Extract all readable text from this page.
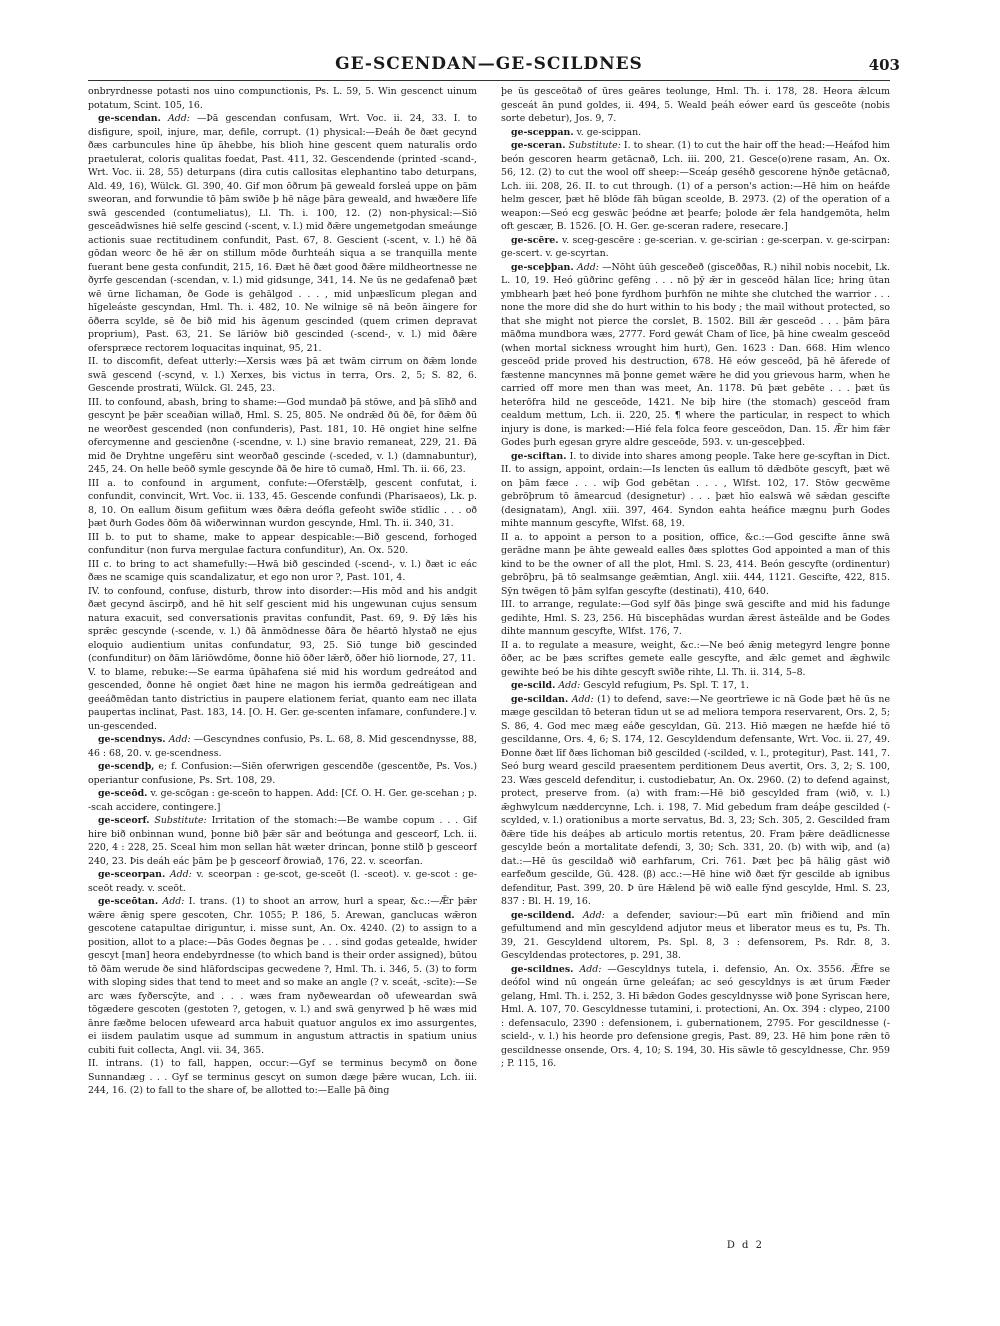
GE-SCENDAN—GE-SCILDNES	403

onbryrdnesse potasti nos uino compunctionis, Ps. L. 59, 5. Win gescenct uinum potatum, Scint. 105, 16.

ge-scendan. Add: —Þā gescendan confusam, Wrt. Voc. ii. 24, 33. I. to disfigure, spoil, injure, mar, defile, corrupt. (1) physical:—Ðeáh ðe ðæt gecynd ðæs carbuncules hine ūp āhebbe, his blioh hine gescent quem naturalis ordo praetulerat, coloris qualitas foedat, Past. 411, 32. Gescendende (printed -scand-, Wrt. Voc. ii. 28, 55) deturpans (dira cutis callositas elephantino tabo deturpans, Ald. 49, 16), Wülck. Gl. 390, 40. Gif mon ōðrum þā geweald forsleá uppe on þām sweoran, and forwundie tō þām swīðe þ hē nāge þāra geweald, and hwæðere līfe swā gescended (contumeliatus), Ll. Th. i. 100, 12. (2) non-physical:—Siō gesceādwīsnes hiē selfe gescind (-scent, v. l.) mid ðǣre ungemetgodan smeáunge actionis suae rectitudinem confundit, Past. 67, 8. Gescient (-scent, v. l.) hē ðā gōdan weorc ðe hē ǣr on stillum mōde ðurhteáh siqua a se tranquilla mente fuerant bene gesta confundit, 215, 16. Ðæt hē ðæt good ðǣre mildheortnesse ne ðyrfe gescendan (-scendan, v. l.) mid gidsunge, 341, 14. Ne ūs ne gedafenað þæt wē ūrne līchaman, ðe Gode is gehālgod . . . , mid unþæslīcum plegan and hīgeleáste gescyndan, Hml. Th. i. 482, 10. Ne wilnige sē nā beōn āingere for ōðerra scylde, sē ðe bið mid his āgenum gescinded (quem crimen depravat proprium), Past. 63, 21. Se lāriōw bið gescinded (-scend-, v. l.) mid ðǣre oferspræce rectorem loquacitas inquinat, 95, 21.

II. to discomfit, defeat utterly:—Xersis wæs þā æt twām cirrum on ðǣm londe swā gescend (-scynd, v. l.) Xerxes, bis victus in terra, Ors. 2, 5; S. 82, 6. Gescende prostrati, Wülck. Gl. 245, 23.

III. to confound, abash, bring to shame:—God mundað þā stōwe, and þā slīhð and gescynt þe þǣr sceaðian willað, Hml. S. 25, 805. Ne ondrǣd ðū ðē, for ðǣm ðū ne weorðest gescended (non confunderis), Past. 181, 10. Hē ongiet hine selfne ofercymenne and gescienðne (-scendne, v. l.) sine bravio remaneat, 229, 21. Ðā mid ðe Dryhtne ungefēru sint weorðað gescinde (-sceded, v. l.) (damnabuntur), 245, 24. On helle beōð symle gescynde ðā ðe hire tō cumað, Hml. Th. ii. 66, 23.

III a. to confound in argument, confute:—Oferstǣlþ, gescent confutat, i. confundit, convincit, Wrt. Voc. ii. 133, 45. Gescende confundi (Pharisaeos), Lk. p. 8, 10. On eallum ðisum gefiitum wæs ðǣra deófla gefeoht swīðe stīdlic . . . oð þæt ðurh Godes ðōm ðā wiðerwinnan wurdon gescynde, Hml. Th. ii. 340, 31.

III b. to put to shame, make to appear despicable:—Bið gescend, forhoged confunditur (non furva mergulae factura confunditur), An. Ox. 520.

III c. to bring to act shamefully:—Hwā bið gescinded (-scend-, v. l.) ðæt ic eác ðæs ne scamige quis scandalizatur, et ego non uror ?, Past. 101, 4.

IV. to confound, confuse, disturb, throw into disorder:—His mōd and his andgit ðæt gecynd āscirpð, and hē hit self gescient mid his ungewunan cujus sensum natura exacuit, sed conversationis pravitas confundit, Past. 69, 9. Ðȳ lǣs his sprǣc gescynde (-scende, v. l.) ðā ānmōdnesse ðāra ðe hēartō hlystað ne ejus eloquio audientium unitas confundatur, 93, 25. Siō tunge bið gescinded (confunditur) on ðām lāriōwdōme, ðonne hiō ōðer lǣrð, ōðer hiō liornode, 27, 11.

V. to blame, rebuke:—Se earma ūpāhafena sié mid his wordum gedreátod and gescended, ðonne hē ongiet ðæt hine ne magon his iermða gedreátigean and geeáðmēdan tanto districtius in paupere elationem feriat, quanto eam nec illata paupertas inclinat, Past. 183, 14. [O. H. Ger. ge-scenten infamare, confundere.] v. un-gescended.

ge-scendnys. Add: —Gescyndnes confusio, Ps. L. 68, 8. Mid gescendnysse, 88, 46 : 68, 20. v. ge-scendness.

ge-scendþ, e; f. Confusion:—Siēn oferwrigen gescendðe (gescentðe, Ps. Vos.) operiantur confusione, Ps. Srt. 108, 29.

ge-sceōd. v. ge-scōgan : ge-sceōn to happen. Add: [Cf. O. H. Ger. ge-scehan ; p. -scah accidere, contingere.]

ge-sceorf. Substitute: Irritation of the stomach:—Be wambe copum . . . Gif hire bið onbinnan wund, þonne bið þǣr sār and beótunga and gesceorf, Lch. ii. 220, 4 : 228, 25. Sceal him mon sellan hāt wæter drincan, þonne stilð þ gesceorf 240, 23. Þis deáh eác þām þe þ gesceorf ðrowiað, 176, 22. v. sceorfan.

ge-sceorpan. Add: v. sceorpan : ge-scot, ge-sceōt (l. -sceot). v. ge-scot : ge-sceōt ready. v. sceōt.

ge-sceōtan. Add: I. trans. (1) to shoot an arrow, hurl a spear, &c.:—Ǣr þǣr wǣre ǣnig spere gescoten, Chr. 1055; P. 186, 5. Arewan, ganclucas wǣron gescotene catapultae diriguntur, i. misse sunt, An. Ox. 4240. (2) to assign to a position, allot to a place:—Þās Godes ðegnas þe . . . sind godas getealde, hwider gescyt [man] heora endebyrdnesse (to which band is their order assigned), būtou tō ðām werude ðe sind hlāfordscipas gecwedene ?, Hml. Th. i. 346, 5. (3) to form with sloping sides that tend to meet and so make an angle (? v. sceát, -scīte):—Se arc wæs fyðerscȳte, and . . . wæs fram nyðeweardan oð ufeweardan swā tōgædere gescoten (gestoten ?, getogen, v. l.) and swā genyrwed þ hē wæs mid ānre fæðme belocen ufeweard arca habuit quatuor angulos ex imo assurgentes, ei iisdem paulatim usque ad summum in angustum attractis in spatium unius cubiti fuit collecta, Angl. vii. 34, 365.

II. intrans. (1) to fall, happen, occur:—Gyf se terminus becymð on ðone Sunnandæg . . . Gyf se terminus gescyt on sumon dæge þǣre wucan, Lch. iii. 244, 16. (2) to fall to the share of, be allotted to:—Ealle þā ðing

þe ūs gesceōtað of ūres geāres teolunge, Hml. Th. i. 178, 28. Heora ǣlcum gesceát ān pund goldes, ii. 494, 5. Weald þeáh eówer eard ūs gesceōte (nobis sorte debetur), Jos. 9, 7.

ge-sceppan. v. ge-scippan.

ge-sceran. Substitute: I. to shear. (1) to cut the hair off the head:—Heáfod him beón gescoren hearm getācnað, Lch. iii. 200, 21. Gesce(o)rene rasam, An. Ox. 56, 12. (2) to cut the wool off sheep:—Sceáp geséhð gescorene hȳnðe getācnað, Lch. iii. 208, 26. II. to cut through. (1) of a person's action:—Hē him on heáfde helm gescer, þæt hē blōde fāh būgan sceolde, B. 2973. (2) of the operation of a weapon:—Seó ecg geswāc þeódne æt þearfe; þolode ǣr fela handgemōta, helm oft gescær, B. 1526. [O. H. Ger. ge-sceran radere, resecare.]

ge-scēre. v. sceg-gescēre : ge-scerian. v. ge-scirian : ge-scerpan. v. ge-scirpan: ge-scert. v. ge-scyrtan.

ge-sceþþan. Add: —Nōht ūūh gesceðeð (gisceððas, R.) nihil nobis nocebit, Lk. L. 10, 19. Heó gūðrinc gefēng . . . nō þȳ ǣr in gesceōd hālan līce; hring ūtan ymbhearh þæt heó þone fyrdhom þurhfōn ne mihte she clutched the warrior . . . none the more did she do hurt within to his body ; the mail without protected, so that she might not pierce the corslet, B. 1502. Bill ǣr gesceōd . . . þām þāra māðma mundbora wæs, 2777. Ford gewát Cham of līce, þā hine cwealm gesceōd (when mortal sickness wrought him hurt), Gen. 1623 : Dan. 668. Him wlenco gesceōd pride proved his destruction, 678. Hē eów gesceōd, þā hē āferede of fæstenne mancynnes mā þonne gemet wǣre he did you grievous harm, when he carried off more men than was meet, An. 1178. Þū þæt gebēte . . . þæt ūs heterōfra hild ne gesceōde, 1421. Ne biþ hire (the stomach) gesceōd fram cealdum mettum, Lch. ii. 220, 25. ¶ where the particular, in respect to which injury is done, is marked:—Hié fela folca feore gesceōdon, Dan. 15. Ǣr him fǣr Godes þurh egesan gryre aldre gesceōde, 593. v. un-gesceþþed.

ge-sciftan. I. to divide into shares among people. Take here ge-scyftan in Dict. II. to assign, appoint, ordain:—Is lencten ūs eallum tō dǣdbōte gescyft, þæt wē on þām fæce . . . wiþ God gebētan . . . , Wlfst. 102, 17. Stōw gecwēme gebrōþrum tō āmearcud (designetur) . . . þæt hīo ealswā wē sǣdan gescifte (designatam), Angl. xiii. 397, 464. Syndon eahta heáfice mægnu þurh Godes mihte mannum gescyfte, Wlfst. 68, 19.

II a. to appoint a person to a position, office, &c.:—God gescifte ānne swā gerādne mann þe āhte geweald ealles ðæs splottes God appointed a man of this kind to be the owner of all the plot, Hml. S. 23, 414. Beón gescyfte (ordinentur) gebrōþru, þā tō sealmsange geǣmtian, Angl. xiii. 444, 1121. Gescifte, 422, 815. Sȳn twēgen tō þām sylfan gescyfte (destinati), 410, 640.

III. to arrange, regulate:—God sylf ðās þinge swā gescifte and mid his fadunge gedihte, Hml. S. 23, 256. Hū biscephādas wurdan ǣrest āsteālde and be Godes dihte mannum gescyfte, Wlfst. 176, 7.

II a. to regulate a measure, weight, &c.:—Ne beó ǣnig metegyrd lengre þonne ōðer, ac be þæs scriftes gemete ealle gescyfte, and ǣlc gemet and ǣghwilc gewihte beó be his dihte gescyft swīðe rihte, Ll. Th. ii. 314, 5–8.

ge-scild. Add: Gescyld refugium, Ps. Spl. T. 17, 1.

ge-scildan. Add: (1) to defend, save:—Ne geortrīewe ic nā Gode þæt hē ūs ne mæge gescildan tō beteran tīdun ut se ad meliora tempora reservarent, Ors. 2, 5; S. 86, 4. God mec mæg eáðe gescyldan, Gū. 213. Hiō mægen ne hæfde hié tō gescildanne, Ors. 4, 6; S. 174, 12. Gescyldendum defensante, Wrt. Voc. ii. 27, 49. Ðonne ðæt līf ðæs līchoman bið gescilded (-scilded, v. l., protegitur), Past. 141, 7. Seó burg weard gescild praesentem perditionem Deus avertit, Ors. 3, 2; S. 100, 23. Wæs gesceld defenditur, i. custodiebatur, An. Ox. 2960. (2) to defend against, protect, preserve from. (a) with fram:—Hē bið gescylded fram (wið, v. l.) ǣghwylcum næddercynne, Lch. i. 198, 7. Mid gebedum fram deáþe gescilded (-scylded, v. l.) orationibus a morte servatus, Bd. 3, 23; Sch. 305, 2. Gescilded fram ðǣre tīde his deáþes ab articulo mortis retentus, 20. Fram þǣre deādlicnesse gescylde beón a mortalitate defendi, 3, 30; Sch. 331, 20. (b) with wiþ, and (a) dat.:—Hē ūs gescildað wið earhfarum, Cri. 761. Þæt þec þā hālig gāst wið earfeðum gescilde, Gū. 428. (β) acc.:—Hē hine wið ðæt fȳr gescilde ab ignibus defenditur, Past. 399, 20. Þ ūre Hǣlend þē wið ealle fȳnd gescylde, Hml. S. 23, 837 : Bl. H. 19, 16.

ge-scildend. Add: a defender, saviour:—Þū eart mīn friðiend and mīn gefultumend and mīn gescyldend adjutor meus et liberator meus es tu, Ps. Th. 39, 21. Gescyldend ultorem, Ps. Spl. 8, 3 : defensorem, Ps. Rdr. 8, 3. Gescyldendas protectores, p. 291, 38.

ge-scildnes. Add: —Gescyldnys tutela, i. defensio, An. Ox. 3556. Ǣfre se deófol wind nū ongeán ūrne geleáfan; ac seó gescyldnys is æt ūrum Fæder gelang, Hml. Th. i. 252, 3. Hī bǣdon Godes gescyldnysse wið þone Syriscan here, Hml. A. 107, 70. Gescyldnesse tutamini, i. protectioni, An. Ox. 394 : clypeo, 2100 : defensaculo, 2390 : defensionem, i. gubernationem, 2795. For gescildnesse (-scield-, v. l.) his heorde pro defensione gregis, Past. 89, 23. Hē him þone rǣn tō gescildnesse onsende, Ors. 4, 10; S. 194, 30. His sāwle tō gescyldnesse, Chr. 959 ; P. 115, 16.

D d 2
